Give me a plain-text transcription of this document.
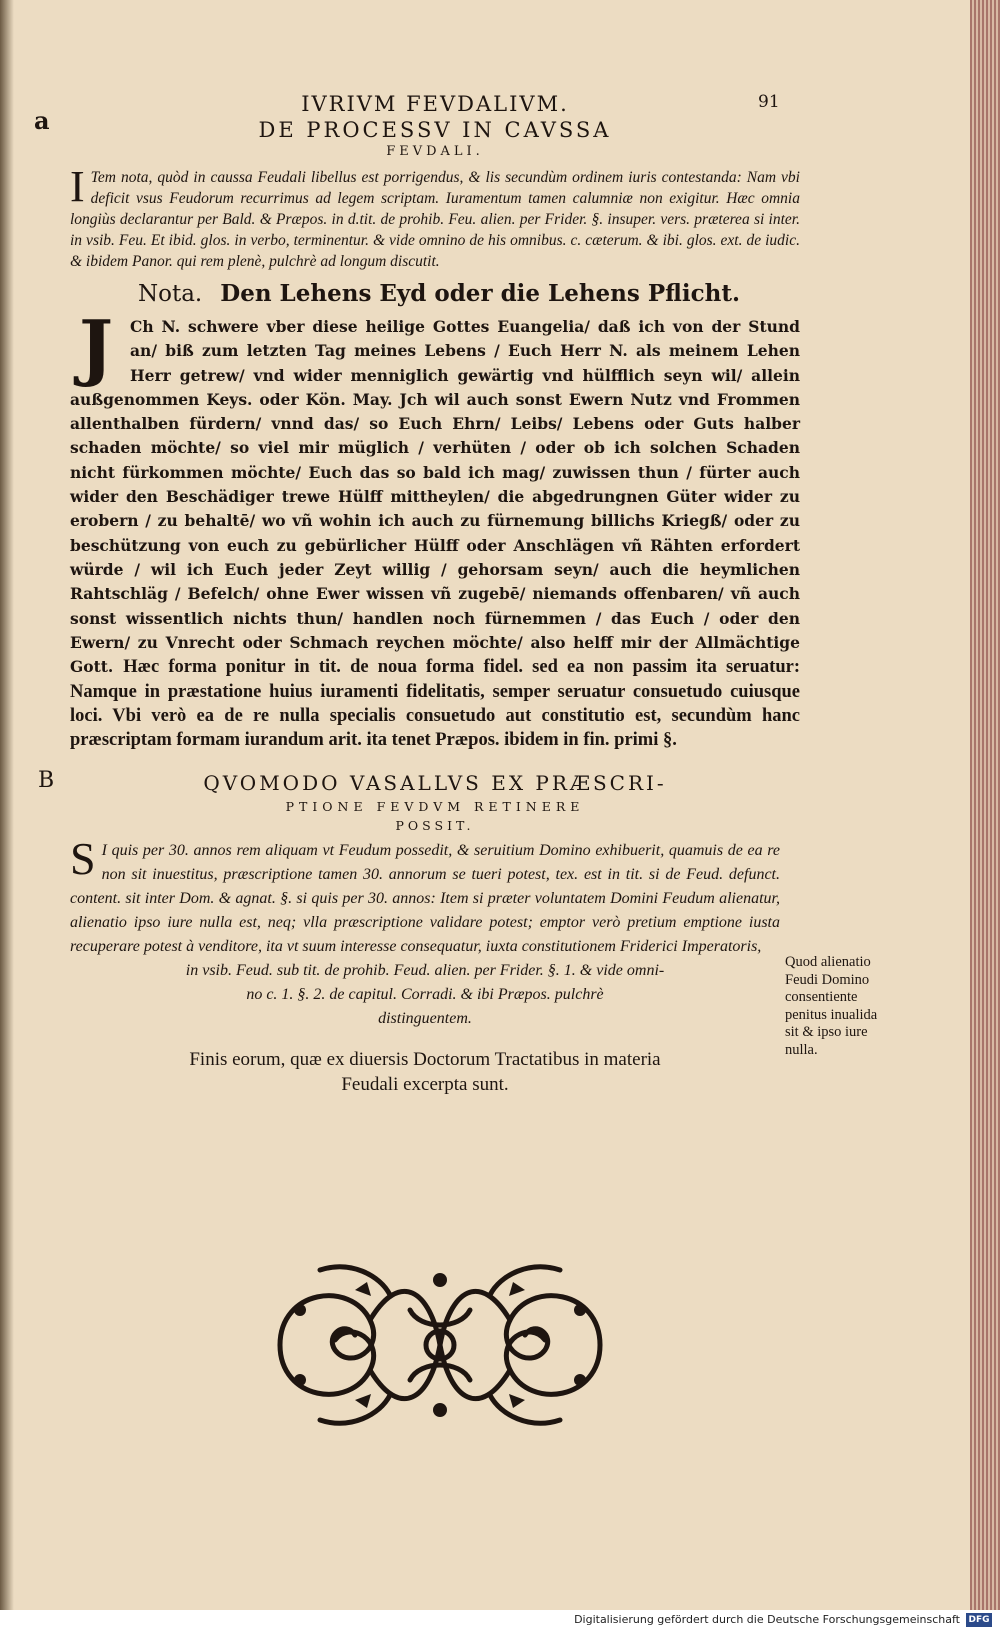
a
91
IVRIVM FEVDALIVM.
DE PROCESSV IN CAVSSA
FEVDALI.
I Tem nota, quòd in caussa Feudali libellus est porrigendus, & lis secundùm ordinem iuris contestanda: Nam vbi deficit vsus Feudorum recurrimus ad legem scriptam. Iuramentum tamen calumniæ non exigitur. Hæc omnia longiùs declarantur per Bald. & Præpos. in d.tit. de prohib. Feu. alien. per Frider. §. insuper. vers. præterea si inter. in vsib. Feu. Et ibid. glos. in verbo, terminentur. & vide omnino de his omnibus. c. cæterum. & ibi. glos. ext. de iudic. & ibidem Panor. qui rem plenè, pulchrè ad longum discutit.
Nota. Den Lehens Eyd oder die Lehens Pflicht.
J	Ch N. schwere vber diese heilige Gottes Euangelia/ daß ich von der Stund an/ biß zum letzten Tag meines Lebens / Euch Herr N. als meinem Lehen Herr getrew/ vnd wider menniglich gewärtig vnd hülfflich seyn wil/ allein außgenommen Keys. oder Kön. May. Jch wil auch sonst Ewern Nutz vnd Frommen allenthalben fürdern/ vnnd das/ so Euch Ehrn/ Leibs/ Lebens oder Guts halber schaden möchte/ so viel mir müglich / verhüten / oder ob ich solchen Schaden nicht fürkommen möchte/ Euch das so bald ich mag/ zuwissen thun / fürter auch wider den Beschädiger trewe Hülff mittheylen/ die abgedrungnen Güter wider zu erobern / zu behaltē/ wo vñ wohin ich auch zu fürnemung billichs Kriegß/ oder zu beschützung von euch zu gebürlicher Hülff oder Anschlägen vñ Rähten erfordert würde / wil ich Euch jeder Zeyt willig / gehorsam seyn/ auch die heymlichen Rahtschläg / Befelch/ ohne Ewer wissen vñ zugebē/ niemands offenbaren/ vñ auch sonst wissentlich nichts thun/ handlen noch fürnemmen / das Euch / oder den Ewern/ zu Vnrecht oder Schmach reychen möchte/ also helff mir der Allmächtige Gott. Hæc forma ponitur in tit. de noua forma fidel. sed ea non passim ita seruatur: Namque in præstatione huius iuramenti fidelitatis, semper seruatur consuetudo cuiusque loci. Vbi verò ea de re nulla specialis consuetudo aut constitutio est, secundùm hanc præscriptam formam iurandum arit. ita tenet Præpos. ibidem in fin. primi §.
QVOMODO VASALLVS EX PRÆSCRI-
PTIONE FEVDVM RETINERE
POSSIT.
S I quis per 30. annos rem aliquam vt Feudum possedit, & seruitium Domino exhibuerit, quamuis de ea re non sit inuestitus, præscriptione tamen 30. annorum se tueri potest, tex. est in tit. si de Feud. defunct. content. sit inter Dom. & agnat. §. si quis per 30. annos: Item si præter voluntatem Domini Feudum alienatur, alienatio ipso iure nulla est, neq; vlla præscriptione validare potest; emptor verò pretium emptione iusta recuperare potest à venditore, ita vt suum interesse consequatur, iuxta constitutionem Friderici Imperatoris,
in vsib. Feud. sub tit. de prohib. Feud. alien. per Frider. §. 1. & vide omni-
no c. 1. §. 2. de capitul. Corradi. & ibi Præpos. pulchrè
distinguentem.
Finis eorum, quæ ex diuersis Doctorum Tractatibus in materia
Feudali excerpta sunt.
B
Quod alienatio Feudi Domino consentiente penitus inualida sit & ipso iure nulla.
Digitalisierung gefördert durch die Deutsche Forschungsgemeinschaft DFG
